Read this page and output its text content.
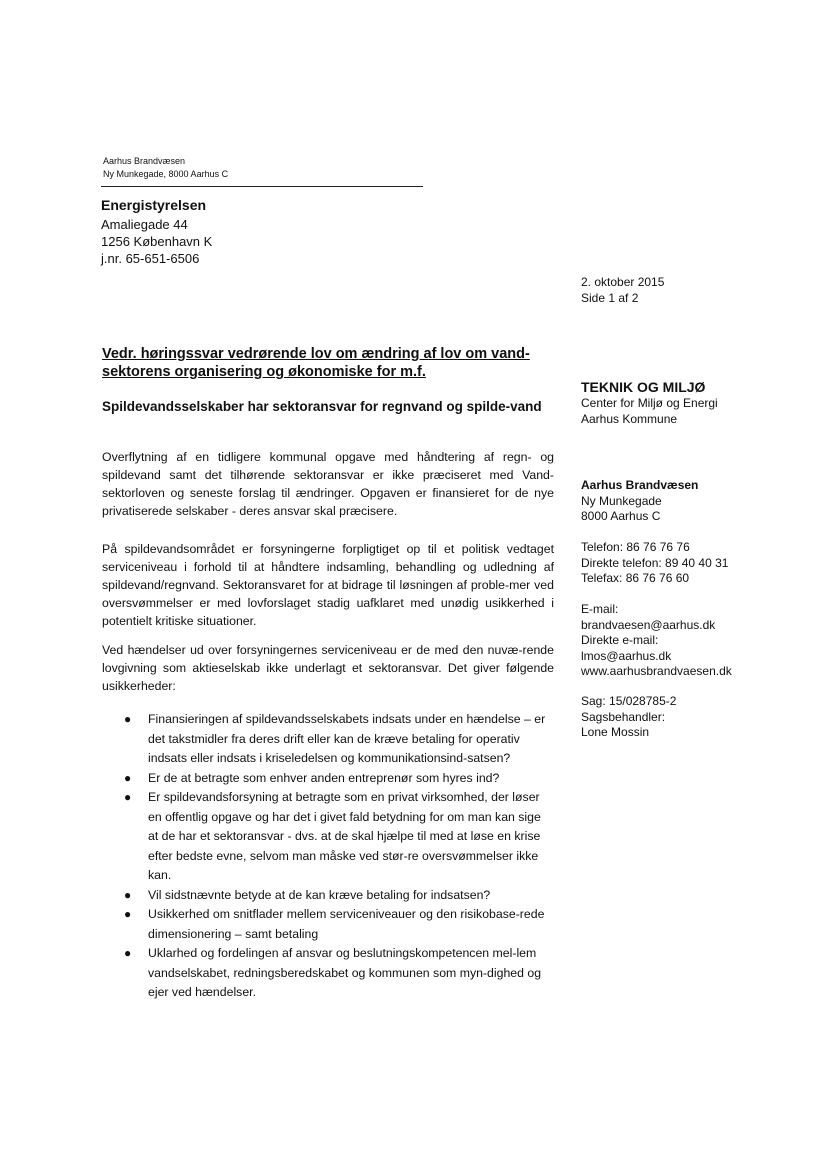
Aarhus Brandvæsen
Ny Munkegade, 8000 Aarhus C
Energistyrelsen
Amaliegade 44
1256 København K
j.nr. 65-651-6506
2. oktober 2015
Side 1 af 2
Vedr. høringssvar vedrørende lov om ændring af lov om vand-sektorens organisering og økonomiske for m.f.
Spildevandsselskaber har sektoransvar for regnvand og spilde-vand
Overflytning af en tidligere kommunal opgave med håndtering af regn- og spildevand samt det tilhørende sektoransvar er ikke præciseret med Vand-sektorloven og seneste forslag til ændringer. Opgaven er finansieret for de nye privatiserede selskaber - deres ansvar skal præcisere.
På spildevandsområdet er forsyningerne forpligtiget op til et politisk vedtaget serviceniveau i forhold til at håndtere indsamling, behandling og udledning af spildevand/regnvand. Sektoransvaret for at bidrage til løsningen af proble-mer ved oversvømmelser er med lovforslaget stadig uafklaret med unødig usikkerhed i potentielt kritiske situationer.
Ved hændelser ud over forsyningernes serviceniveau er de med den nuvæ-rende lovgivning som aktieselskab ikke underlagt et sektoransvar. Det giver følgende usikkerheder:
● Finansieringen af spildevandsselskabets indsats under en hændelse – er det takstmidler fra deres drift eller kan de kræve betaling for operativ indsats eller indsats i kriseledelsen og kommunikationsind-satsen?
● Er de at betragte som enhver anden entreprenør som hyres ind?
● Er spildevandsforsyning at betragte som en privat virksomhed, der løser en offentlig opgave og har det i givet fald betydning for om man kan sige at de har et sektoransvar - dvs. at de skal hjælpe til med at løse en krise efter bedste evne, selvom man måske ved stør-re oversvømmelser ikke kan.
● Vil sidstnævnte betyde at de kan kræve betaling for indsatsen?
● Usikkerhed om snitflader mellem serviceniveauer og den risikobase-rede dimensionering – samt betaling
● Uklarhed og fordelingen af ansvar og beslutningskompetencen mel-lem vandselskabet, redningsberedskabet og kommunen som myn-dighed og ejer ved hændelser.
TEKNIK OG MILJØ
Center for Miljø og Energi
Aarhus Kommune
Aarhus Brandvæsen
Ny Munkegade
8000 Aarhus C
Telefon: 86 76 76 76
Direkte telefon: 89 40 40 31
Telefax: 86 76 76 60
E-mail:
brandvaesen@aarhus.dk
Direkte e-mail:
lmos@aarhus.dk
www.aarhusbrandvaesen.dk
Sag: 15/028785-2
Sagsbehandler:
Lone Mossin
